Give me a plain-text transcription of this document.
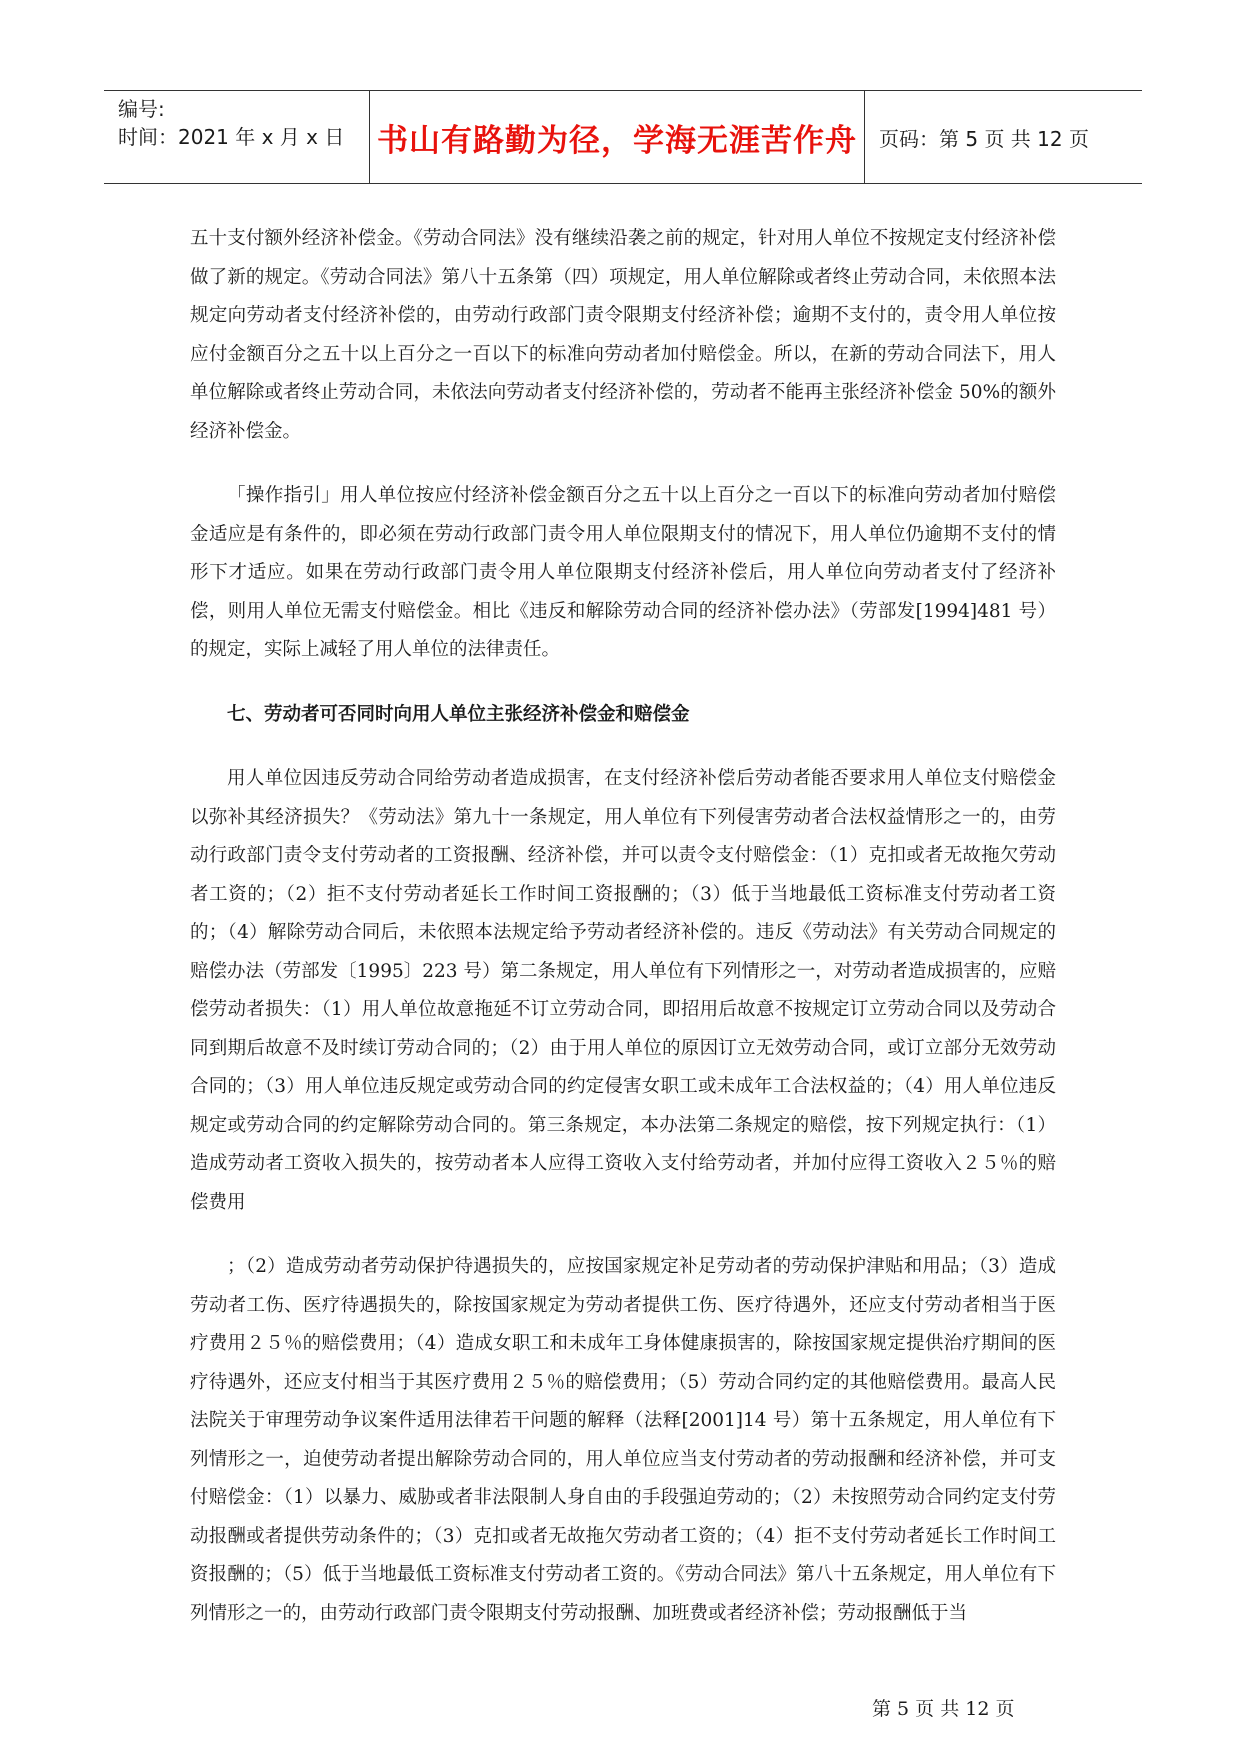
编号:
时间：2021 年 x 月 x 日 书山有路勤为径，学海无涯苦作舟 页码：第 5 页 共 12 页

五十支付额外经济补偿金。《劳动合同法》没有继续沿袭之前的规定，针对用人单位不按规定支付经济补偿做了新的规定。《劳动合同法》第八十五条第（四）项规定，用人单位解除或者终止劳动合同，未依照本法规定向劳动者支付经济补偿的，由劳动行政部门责令限期支付经济补偿；逾期不支付的，责令用人单位按应付金额百分之五十以上百分之一百以下的标准向劳动者加付赔偿金。所以，在新的劳动合同法下，用人单位解除或者终止劳动合同，未依法向劳动者支付经济补偿的，劳动者不能再主张经济补偿金 50%的额外经济补偿金。

「操作指引」用人单位按应付经济补偿金额百分之五十以上百分之一百以下的标准向劳动者加付赔偿金适应是有条件的，即必须在劳动行政部门责令用人单位限期支付的情况下，用人单位仍逾期不支付的情形下才适应。如果在劳动行政部门责令用人单位限期支付经济补偿后，用人单位向劳动者支付了经济补偿，则用人单位无需支付赔偿金。相比《违反和解除劳动合同的经济补偿办法》（劳部发[1994]481 号）的规定，实际上减轻了用人单位的法律责任。

七、劳动者可否同时向用人单位主张经济补偿金和赔偿金

用人单位因违反劳动合同给劳动者造成损害，在支付经济补偿后劳动者能否要求用人单位支付赔偿金以弥补其经济损失？《劳动法》第九十一条规定，用人单位有下列侵害劳动者合法权益情形之一的，由劳动行政部门责令支付劳动者的工资报酬、经济补偿，并可以责令支付赔偿金：（1）克扣或者无故拖欠劳动者工资的；（2）拒不支付劳动者延长工作时间工资报酬的；（3）低于当地最低工资标准支付劳动者工资的；（4）解除劳动合同后，未依照本法规定给予劳动者经济补偿的。违反《劳动法》有关劳动合同规定的赔偿办法（劳部发〔1995〕223 号）第二条规定，用人单位有下列情形之一，对劳动者造成损害的，应赔偿劳动者损失：（1）用人单位故意拖延不订立劳动合同，即招用后故意不按规定订立劳动合同以及劳动合同到期后故意不及时续订劳动合同的；（2）由于用人单位的原因订立无效劳动合同，或订立部分无效劳动合同的；（3）用人单位违反规定或劳动合同的约定侵害女职工或未成年工合法权益的；（4）用人单位违反规定或劳动合同的约定解除劳动合同的。第三条规定，本办法第二条规定的赔偿，按下列规定执行：（1）造成劳动者工资收入损失的，按劳动者本人应得工资收入支付给劳动者，并加付应得工资收入２５％的赔偿费用

；（2）造成劳动者劳动保护待遇损失的，应按国家规定补足劳动者的劳动保护津贴和用品；（3）造成劳动者工伤、医疗待遇损失的，除按国家规定为劳动者提供工伤、医疗待遇外，还应支付劳动者相当于医疗费用２５％的赔偿费用；（4）造成女职工和未成年工身体健康损害的，除按国家规定提供治疗期间的医疗待遇外，还应支付相当于其医疗费用２５％的赔偿费用；（5）劳动合同约定的其他赔偿费用。最高人民法院关于审理劳动争议案件适用法律若干问题的解释（法释[2001]14 号）第十五条规定，用人单位有下列情形之一，迫使劳动者提出解除劳动合同的，用人单位应当支付劳动者的劳动报酬和经济补偿，并可支付赔偿金：（1）以暴力、威胁或者非法限制人身自由的手段强迫劳动的；（2）未按照劳动合同约定支付劳动报酬或者提供劳动条件的；（3）克扣或者无故拖欠劳动者工资的；（4）拒不支付劳动者延长工作时间工资报酬的；（5）低于当地最低工资标准支付劳动者工资的。《劳动合同法》第八十五条规定，用人单位有下列情形之一的，由劳动行政部门责令限期支付劳动报酬、加班费或者经济补偿；劳动报酬低于当

第 5 页 共 12 页
